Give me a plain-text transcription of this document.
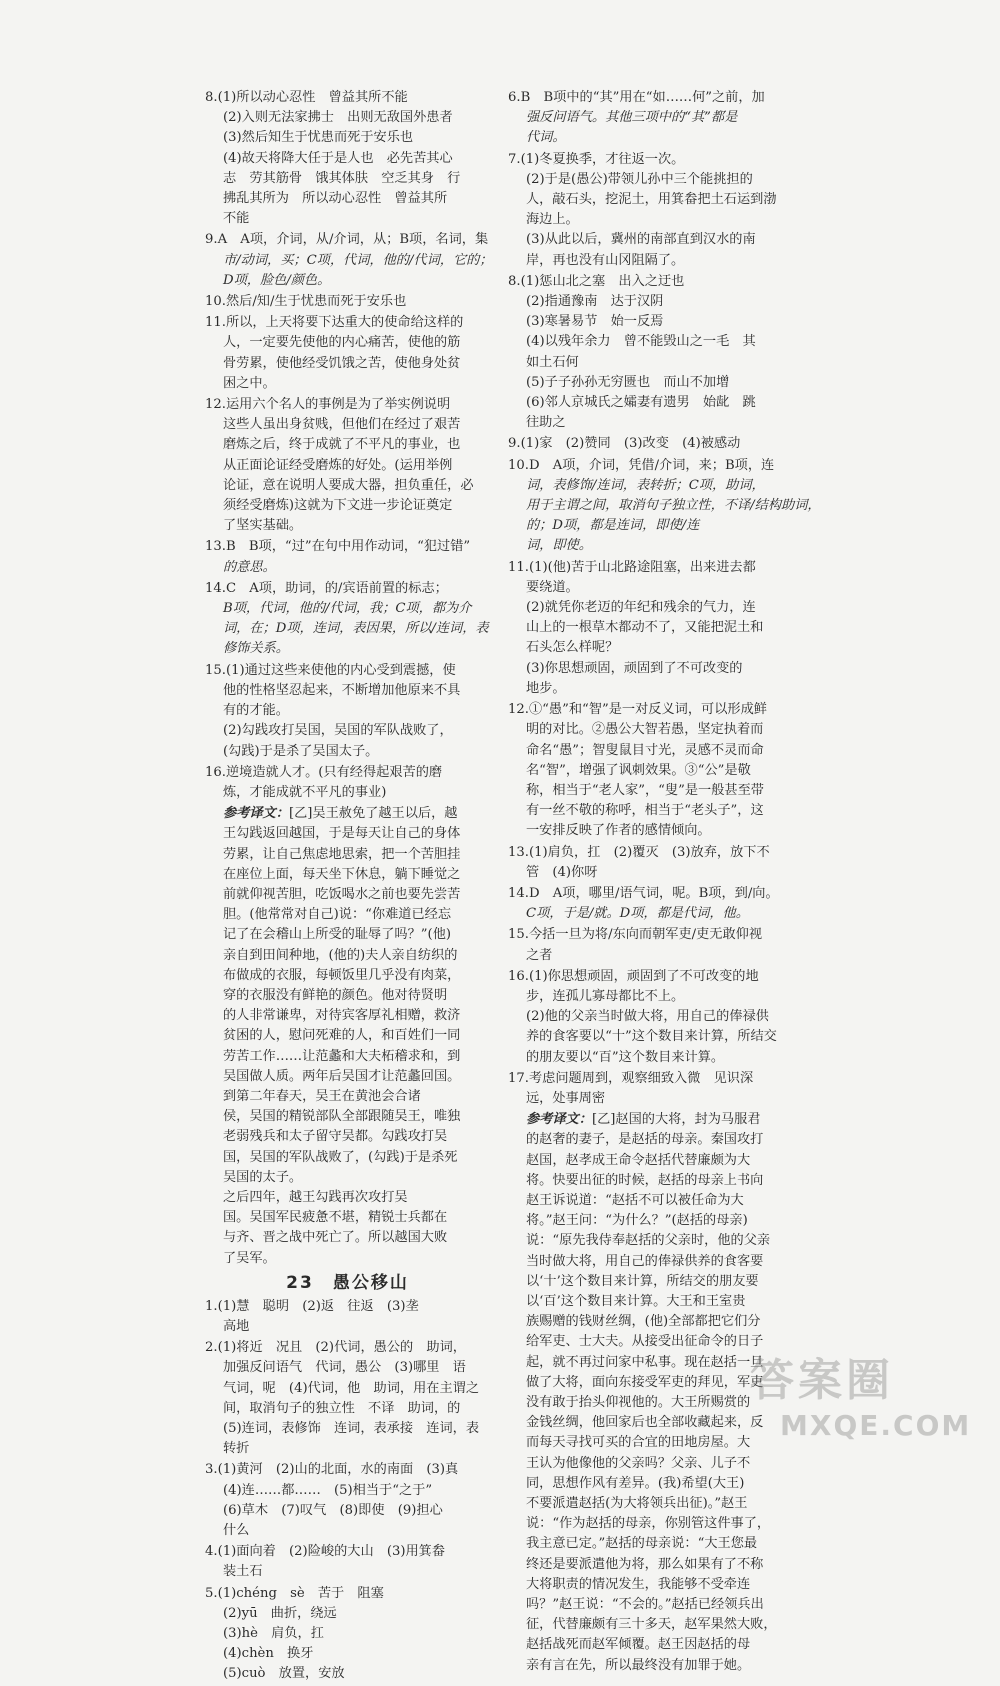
8.(1)所以动心忍性　曾益其所不能
(2)入则无法家拂士　出则无敌国外患者
(3)然后知生于忧患而死于安乐也
(4)故天将降大任于是人也　必先苦其心
志　劳其筋骨　饿其体肤　空乏其身　行
拂乱其所为　所以动心忍性　曾益其所
不能
9.A　A项，介词，从/介词，从；B项，名词，集
市/动词，买；C项，代词，他的/代词，它的；
D项，脸色/颜色。
10.然后/知/生于忧患而死于安乐也
11.所以，上天将要下达重大的使命给这样的
人，一定要先使他的内心痛苦，使他的筋
骨劳累，使他经受饥饿之苦，使他身处贫
困之中。
12.运用六个名人的事例是为了举实例说明
这些人虽出身贫贱，但他们在经过了艰苦
磨炼之后，终于成就了不平凡的事业，也
从正面论证经受磨炼的好处。(运用举例
论证，意在说明人要成大器，担负重任，必
须经受磨炼)这就为下文进一步论证奠定
了坚实基础。
13.B　B项，“过”在句中用作动词，“犯过错”
的意思。
14.C　A项，助词，的/宾语前置的标志；
B项，代词，他的/代词，我；C项，都为介
词，在；D项，连词，表因果，所以/连词，表
修饰关系。
15.(1)通过这些来使他的内心受到震撼，使
他的性格坚忍起来，不断增加他原来不具
有的才能。
(2)勾践攻打吴国，吴国的军队战败了，
(勾践)于是杀了吴国太子。
16.逆境造就人才。(只有经得起艰苦的磨
炼，才能成就不平凡的事业)
参考译文：[乙]吴王赦免了越王以后，越
王勾践返回越国，于是每天让自己的身体
劳累，让自己焦虑地思索，把一个苦胆挂
在座位上面，每天坐下休息，躺下睡觉之
前就仰视苦胆，吃饭喝水之前也要先尝苦
胆。(他常常对自己)说：“你难道已经忘
记了在会稽山上所受的耻辱了吗？”(他)
亲自到田间种地，(他的)夫人亲自纺织的
布做成的衣服，每顿饭里几乎没有肉菜，
穿的衣服没有鲜艳的颜色。他对待贤明
的人非常谦卑，对待宾客厚礼相赠，救济
贫困的人，慰问死难的人，和百姓们一同
劳苦工作……让范蠡和大夫柘稽求和，到
吴国做人质。两年后吴国才让范蠡回国。
到第二年春天，吴王在黄池会合诸
侯，吴国的精锐部队全部跟随吴王，唯独
老弱残兵和太子留守吴都。勾践攻打吴
国，吴国的军队战败了，(勾践)于是杀死
吴国的太子。
之后四年，越王勾践再次攻打吴
国。吴国军民疲惫不堪，精锐士兵都在
与齐、晋之战中死亡了。所以越国大败
了吴军。
23　愚公移山
1.(1)慧　聪明　(2)返　往返　(3)垄
高地
2.(1)将近　况且　(2)代词，愚公的　助词，
加强反问语气　代词，愚公　(3)哪里　语
气词，呢　(4)代词，他　助词，用在主谓之
间，取消句子的独立性　不译　助词，的
(5)连词，表修饰　连词，表承接　连词，表
转折
3.(1)黄河　(2)山的北面，水的南面　(3)真
(4)连……都……　(5)相当于“之于”
(6)草木　(7)叹气　(8)即使　(9)担心
什么
4.(1)面向着　(2)险峻的大山　(3)用箕畚
装土石
5.(1)chéng　sè　苦于　阻塞
(2)yū　曲折，绕远
(3)hè　肩负，扛
(4)chèn　换牙
(5)cuò　放置，安放
6.B　B项中的“其”用在“如……何”之前，加
强反问语气。其他三项中的“其”都是
代词。
7.(1)冬夏换季，才往返一次。
(2)于是(愚公)带领儿孙中三个能挑担的
人，敲石头，挖泥土，用箕畚把土石运到渤
海边上。
(3)从此以后，冀州的南部直到汉水的南
岸，再也没有山冈阻隔了。
8.(1)惩山北之塞　出入之迂也
(2)指通豫南　达于汉阴
(3)寒暑易节　始一反焉
(4)以残年余力　曾不能毁山之一毛　其
如土石何
(5)子子孙孙无穷匮也　而山不加增
(6)邻人京城氏之孀妻有遗男　始龀　跳
往助之
9.(1)家　(2)赞同　(3)改变　(4)被感动
10.D　A项，介词，凭借/介词，来；B项，连
词，表修饰/连词，表转折；C项，助词，
用于主谓之间，取消句子独立性，不译/结构助词，
的；D项，都是连词，即使/连
词，即使。
11.(1)(他)苦于山北路途阻塞，出来进去都
要绕道。
(2)就凭你老迈的年纪和残余的气力，连
山上的一根草木都动不了，又能把泥土和
石头怎么样呢？
(3)你思想顽固，顽固到了不可改变的
地步。
12.①“愚”和“智”是一对反义词，可以形成鲜
明的对比。②愚公大智若愚，坚定执着而
命名“愚”；智叟鼠目寸光，灵感不灵而命
名“智”，增强了讽刺效果。③“公”是敬
称，相当于“老人家”，“叟”是一般甚至带
有一丝不敬的称呼，相当于“老头子”，这
一安排反映了作者的感情倾向。
13.(1)肩负，扛　(2)覆灭　(3)放弃，放下不
管　(4)你呀
14.D　A项，哪里/语气词，呢。B项，到/向。
C项，于是/就。D项，都是代词，他。
15.今括一旦为将/东向而朝军吏/吏无敢仰视
之者
16.(1)你思想顽固，顽固到了不可改变的地
步，连孤儿寡母都比不上。
(2)他的父亲当时做大将，用自己的俸禄供
养的食客要以“十”这个数目来计算，所结交
的朋友要以“百”这个数目来计算。
17.考虑问题周到，观察细致入微　见识深
远，处事周密
参考译文：[乙]赵国的大将，封为马服君
的赵奢的妻子，是赵括的母亲。秦国攻打
赵国，赵孝成王命令赵括代替廉颇为大
将。快要出征的时候，赵括的母亲上书向
赵王诉说道：“赵括不可以被任命为大
将。”赵王问：“为什么？”(赵括的母亲)
说：“原先我侍奉赵括的父亲时，他的父亲
当时做大将，用自己的俸禄供养的食客要
以‘十’这个数目来计算，所结交的朋友要
以‘百’这个数目来计算。大王和王室贵
族赐赠的钱财丝绸，(他)全部都把它们分
给军吏、士大夫。从接受出征命令的日子
起，就不再过问家中私事。现在赵括一旦
做了大将，面向东接受军吏的拜见，军吏
没有敢于抬头仰视他的。大王所赐赏的
金钱丝绸，他回家后也全部收藏起来，反
而每天寻找可买的合宜的田地房屋。大
王认为他像他的父亲吗？父亲、儿子不
同，思想作风有差异。(我)希望(大王)
不要派遣赵括(为大将领兵出征)。”赵王
说：“作为赵括的母亲，你别管这件事了，
我主意已定。”赵括的母亲说：“大王您最
终还是要派遣他为将，那么如果有了不称
大将职责的情况发生，我能够不受牵连
吗？”赵王说：“不会的。”赵括已经领兵出
征，代替廉颇有三十多天，赵军果然大败，
赵括战死而赵军倾覆。赵王因赵括的母
亲有言在先，所以最终没有加罪于她。
答案圈
MXQE.COM
